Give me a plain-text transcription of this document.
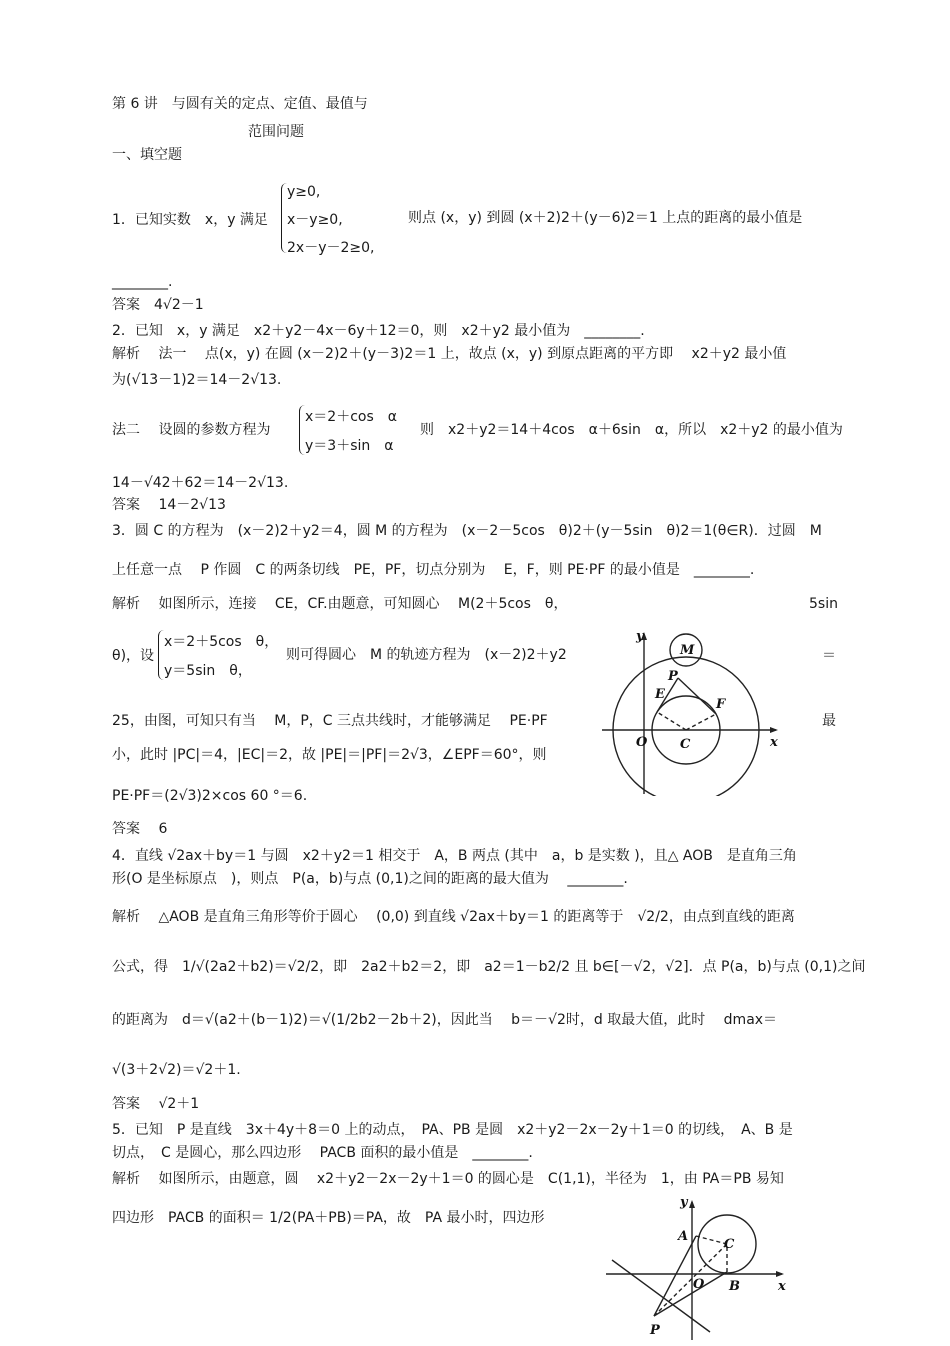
第 6 讲　与圆有关的定点、定值、最值与
范围问题
一、填空题
y≥0,
x－y≥0,
2x－y－2≥0,
1．已知实数　x，y 满足	则点 (x，y) 到圆 (x＋2)2＋(y－6)2＝1 上点的距离的最小值是
________.
答案　4√2－1
2．已知　x，y 满足　x2＋y2－4x－6y＋12＝0，则　x2＋y2 最小值为　________.
解析　 法一　 点(x，y) 在圆 (x－2)2＋(y－3)2＝1 上，故点 (x，y) 到原点距离的平方即　 x2＋y2 最小值
为(√13－1)2＝14－2√13.
法二　 设圆的参数方程为
x＝2＋cos　α
y＝3＋sin　α
则　x2＋y2＝14＋4cos　α＋6sin　α，所以　x2＋y2 的最小值为
14－√42＋62＝14－2√13.
答案　 14－2√13
3．圆 C 的方程为　(x－2)2＋y2＝4，圆 M 的方程为　(x－2－5cos　θ)2＋(y－5sin　θ)2＝1(θ∈R)．过圆　M
上任意一点　 P 作圆　C 的两条切线　PE，PF，切点分别为　 E，F，则 PE·PF 的最小值是　________.
解析　 如图所示，连接　 CE，CF.由题意，可知圆心　 M(2＋5cos　θ，	5sin
θ)，设
x＝2＋5cos　θ，
y＝5sin　θ，
则可得圆心　M 的轨迹方程为　(x－2)2＋y2	＝
25，由图，可知只有当　 M，P，C 三点共线时，才能够满足　 PE·PF	最
小，此时 |PC|＝4，|EC|＝2，故 |PE|＝|PF|＝2√3，∠EPF＝60°，则
PE·PF＝(2√3)2×cos 60 °＝6.
答案　 6
M
P
E
F
O	C	x
y
4．直线 √2ax＋by＝1 与圆　x2＋y2＝1 相交于　A，B 两点 (其中　a，b 是实数 )，且△ AOB　是直角三角
形(O 是坐标原点　)，则点　P(a，b)与点 (0,1)之间的距离的最大值为　 ________.
解析　 △AOB 是直角三角形等价于圆心　 (0,0) 到直线 √2ax＋by＝1 的距离等于　√2/2，由点到直线的距离
公式，得　1/√(2a2＋b2)＝√2/2，即　2a2＋b2＝2，即　a2＝1－b2/2 且 b∈[－√2，√2]．点 P(a，b)与点 (0,1)之间
的距离为　d＝√(a2＋(b－1)2)＝√(1/2b2－2b＋2)，因此当　 b＝－√2时，d 取最大值，此时　 dmax＝
√(3＋2√2)＝√2＋1.
答案　 √2＋1
5．已知　P 是直线　3x＋4y＋8＝0 上的动点，　PA、PB 是圆　x2＋y2－2x－2y＋1＝0 的切线，　A、B 是
切点，　C 是圆心，那么四边形　 PACB 面积的最小值是　________.
解析　 如图所示，由题意，圆　 x2＋y2－2x－2y＋1＝0 的圆心是　C(1,1)，半径为　1，由 PA＝PB 易知
四边形　PACB 的面积＝ 1/2(PA＋PB)＝PA，故　PA 最小时，四边形
A
C
O B
P
x
y
